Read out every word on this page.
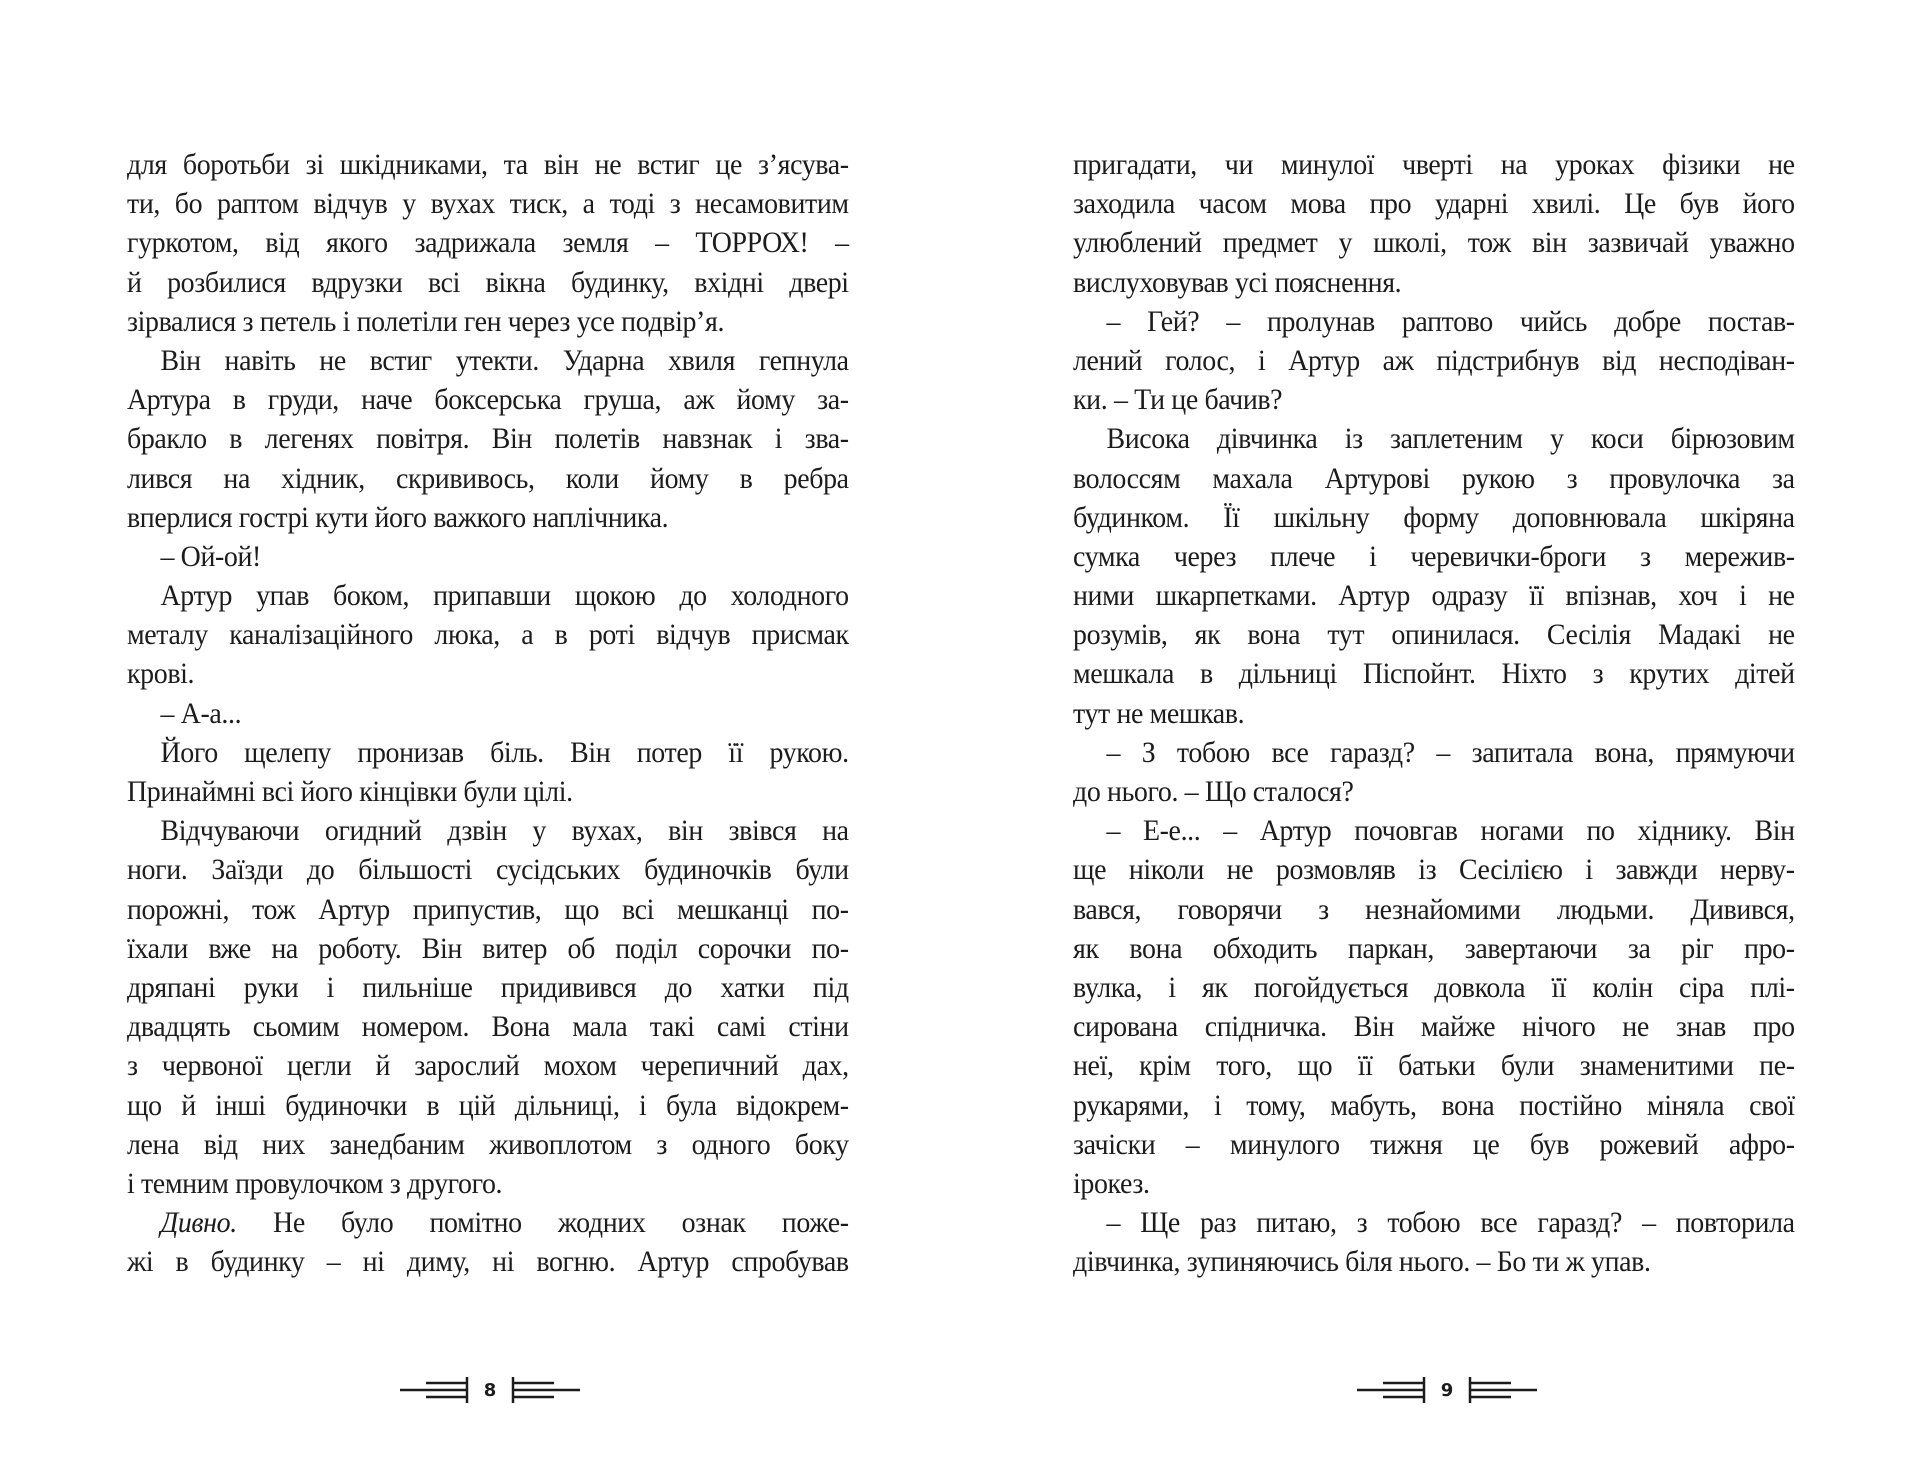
для боротьби зі шкідниками, та він не встиг це з’ясува-
ти, бо раптом відчув у вухах тиск, а тоді з несамовитим
гуркотом, від якого задрижала земля – ТОРРОХ! –
й розбилися вдрузки всі вікна будинку, вхідні двері
зірвалися з петель і полетіли ген через усе подвір’я.
Він навіть не встиг утекти. Ударна хвиля гепнула
Артура в груди, наче боксерська груша, аж йому за-
бракло в легенях повітря. Він полетів навзнак і зва-
лився на хідник, скрививось, коли йому в ребра
вперлися гострі кути його важкого наплічника.
– Ой-ой!
Артур упав боком, припавши щокою до холодного
металу каналізаційного люка, а в роті відчув присмак
крові.
– А-а...
Його щелепу пронизав біль. Він потер її рукою.
Принаймні всі його кінцівки були цілі.
Відчуваючи огидний дзвін у вухах, він звівся на
ноги. Заїзди до більшості сусідських будиночків були
порожні, тож Артур припустив, що всі мешканці по-
їхали вже на роботу. Він витер об поділ сорочки по-
дряпані руки і пильніше придивився до хатки під
двадцять сьомим номером. Вона мала такі самі стіни
з червоної цегли й зарослий мохом черепичний дах,
що й інші будиночки в цій дільниці, і була відокрем-
лена від них занедбаним живоплотом з одного боку
і темним провулочком з другого.
Дивно. Не було помітно жодних ознак поже-
жі в будинку – ні диму, ні вогню. Артур спробував
пригадати, чи минулої чверті на уроках фізики не
заходила часом мова про ударні хвилі. Це був його
улюблений предмет у школі, тож він зазвичай уважно
вислуховував усі пояснення.
– Гей? – пролунав раптово чийсь добре постав-
лений голос, і Артур аж підстрибнув від несподіван-
ки. – Ти це бачив?
Висока дівчинка із заплетеним у коси бірюзовим
волоссям махала Артурові рукою з провулочка за
будинком. Її шкільну форму доповнювала шкіряна
сумка через плече і черевички-броги з мережив-
ними шкарпетками. Артур одразу її впізнав, хоч і не
розумів, як вона тут опинилася. Сесілія Мадакі не
мешкала в дільниці Піспойнт. Ніхто з крутих дітей
тут не мешкав.
– З тобою все гаразд? – запитала вона, прямуючи
до нього. – Що сталося?
– Е-е... – Артур почовгав ногами по хіднику. Він
ще ніколи не розмовляв із Сесілією і завжди нерву-
вався, говорячи з незнайомими людьми. Дивився,
як вона обходить паркан, завертаючи за ріг про-
вулка, і як погойдується довкола її колін сіра плі-
сирована спідничка. Він майже нічого не знав про
неї, крім того, що її батьки були знаменитими пе-
рукарями, і тому, мабуть, вона постійно міняла свої
зачіски – минулого тижня це був рожевий афро-
ірокез.
– Ще раз питаю, з тобою все гаразд? – повторила
дівчинка, зупиняючись біля нього. – Бо ти ж упав.
8	9
